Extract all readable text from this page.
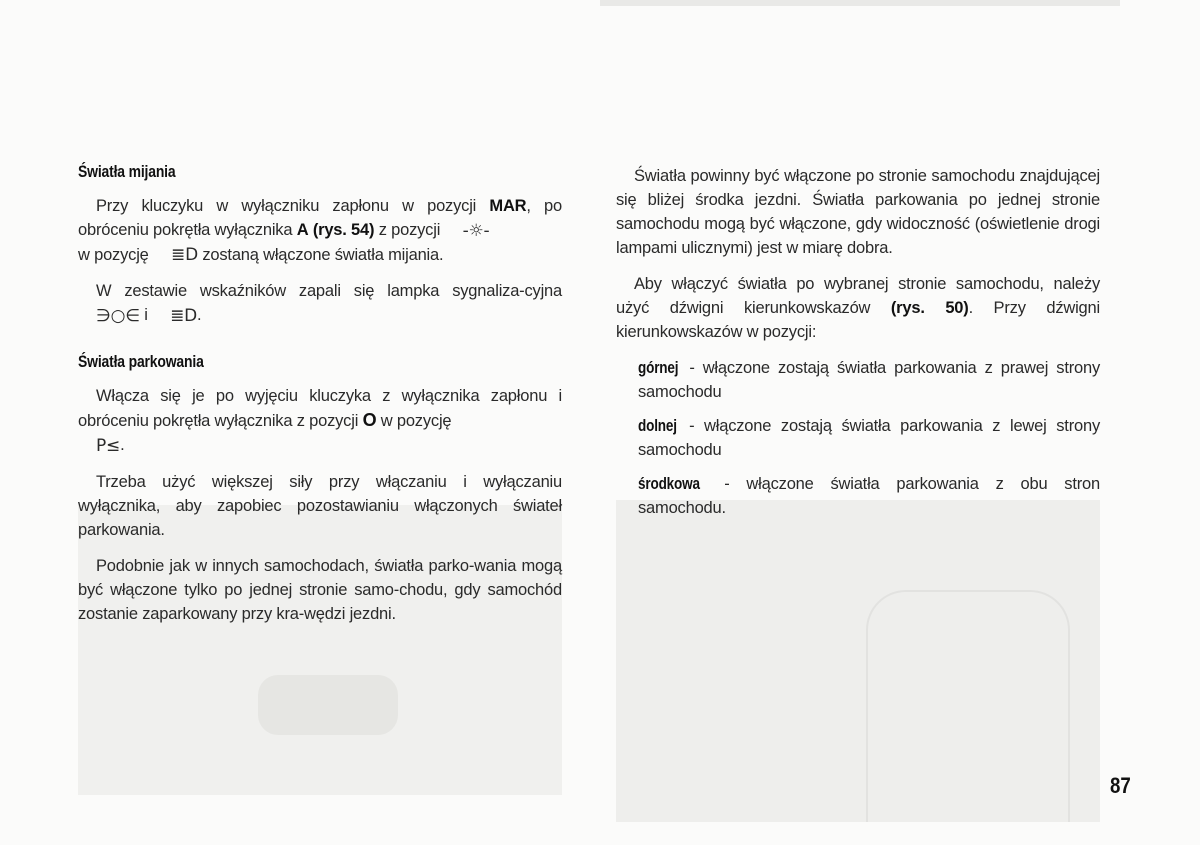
Światła mijania

Przy kluczyku w wyłączniku zapłonu w pozycji MAR, po obróceniu pokrętła wyłącznika A (rys. 54) z pozycji -☼-
w pozycję ≣D zostaną włączone światła mijania.

W zestawie wskaźników zapali się lampka sygnaliza-cyjna ∋○∈ i ≣D.

Światła parkowania

Włącza się je po wyjęciu kluczyka z wyłącznika zapłonu i obróceniu pokrętła wyłącznika z pozycji O w pozycję
P≤.

Trzeba użyć większej siły przy włączaniu i wyłączaniu wyłącznika, aby zapobiec pozostawianiu włączonych świateł parkowania.

Podobnie jak w innych samochodach, światła parko-wania mogą być włączone tylko po jednej stronie samo-chodu, gdy samochód zostanie zaparkowany przy kra-wędzi jezdni.

Światła powinny być włączone po stronie samochodu znajdującej się bliżej środka jezdni. Światła parkowania po jednej stronie samochodu mogą być włączone, gdy widoczność (oświetlenie drogi lampami ulicznymi) jest w miarę dobra.

Aby włączyć światła po wybranej stronie samochodu, należy użyć dźwigni kierunkowskazów (rys. 50). Przy dźwigni kierunkowskazów w pozycji:

górnej - włączone zostają światła parkowania z prawej strony samochodu

dolnej - włączone zostają światła parkowania z lewej strony samochodu

środkowa - włączone światła parkowania z obu stron samochodu.

87
